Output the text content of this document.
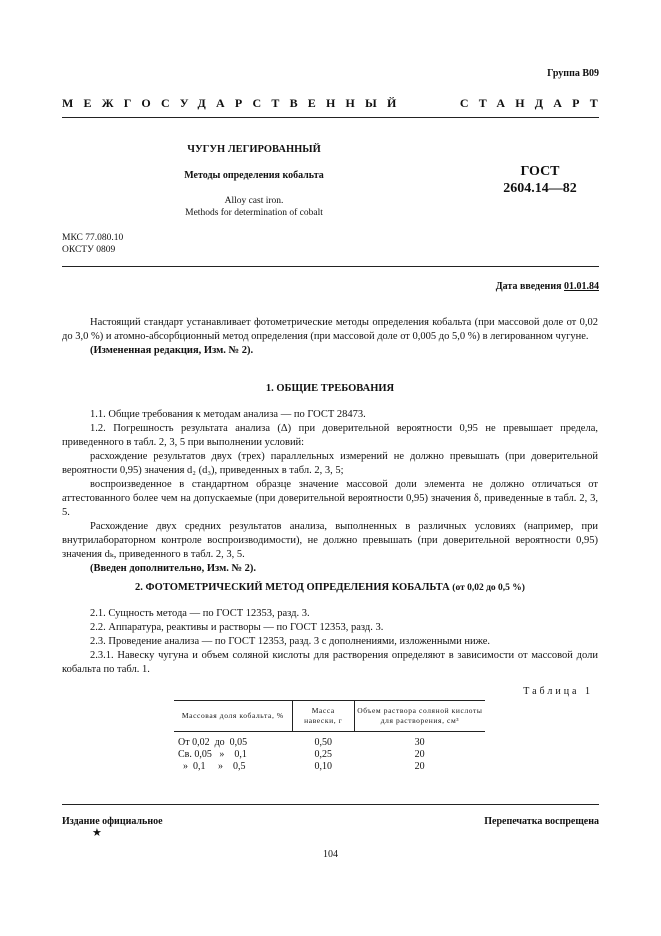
Группа В09
МЕЖГОСУДАРСТВЕННЫЙ	СТАНДАРТ
ЧУГУН ЛЕГИРОВАННЫЙ
Методы определения кобальта
Alloy cast iron.
Methods for determination of cobalt
ГОСТ
2604.14—82
МКС 77.080.10
ОКСТУ 0809
Дата введения 01.01.84

Настоящий стандарт устанавливает фотометрические методы определения кобальта (при массовой доле от 0,02 до 3,0 %) и атомно-абсорбционный метод определения (при массовой доле от 0,005 до 5,0 %) в легированном чугуне.

(Измененная редакция, Изм. № 2).

1. ОБЩИЕ ТРЕБОВАНИЯ

1.1. Общие требования к методам анализа — по ГОСТ 28473.

1.2. Погрешность результата анализа (Δ) при доверительной вероятности 0,95 не превышает предела, приведенного в табл. 2, 3, 5 при выполнении условий:

расхождение результатов двух (трех) параллельных измерений не должно превышать (при доверительной вероятности 0,95) значения d₂ (d₃), приведенных в табл. 2, 3, 5;

воспроизведенное в стандартном образце значение массовой доли элемента не должно отличаться от аттестованного более чем на допускаемые (при доверительной вероятности 0,95) значения δ, приведенные в табл. 2, 3, 5.

Расхождение двух средних результатов анализа, выполненных в различных условиях (например, при внутрилабораторном контроле воспроизводимости), не должно превышать (при доверительной вероятности 0,95) значения dₖ, приведенного в табл. 2, 3, 5.

(Введен дополнительно, Изм. № 2).

2. ФОТОМЕТРИЧЕСКИЙ МЕТОД ОПРЕДЕЛЕНИЯ КОБАЛЬТА (от 0,02 до 0,5 %)

2.1. Сущность метода — по ГОСТ 12353, разд. 3.

2.2. Аппаратура, реактивы и растворы — по ГОСТ 12353, разд. 3.

2.3. Проведение анализа — по ГОСТ 12353, разд. 3 с дополнениями, изложенными ниже.

2.3.1. Навеску чугуна и объем соляной кислоты для растворения определяют в зависимости от массовой доли кобальта по табл. 1.

Таблица 1
Массовая доля кобальта, %	Масса навески, г	Объем раствора соляной кислоты для растворения, см³
От 0,02  до  0,05	0,50	30
Св. 0,05   »    0,1	0,25	20
»  0,1     »    0,5	0,10	20
Издание официальное
★
Перепечатка воспрещена
104
